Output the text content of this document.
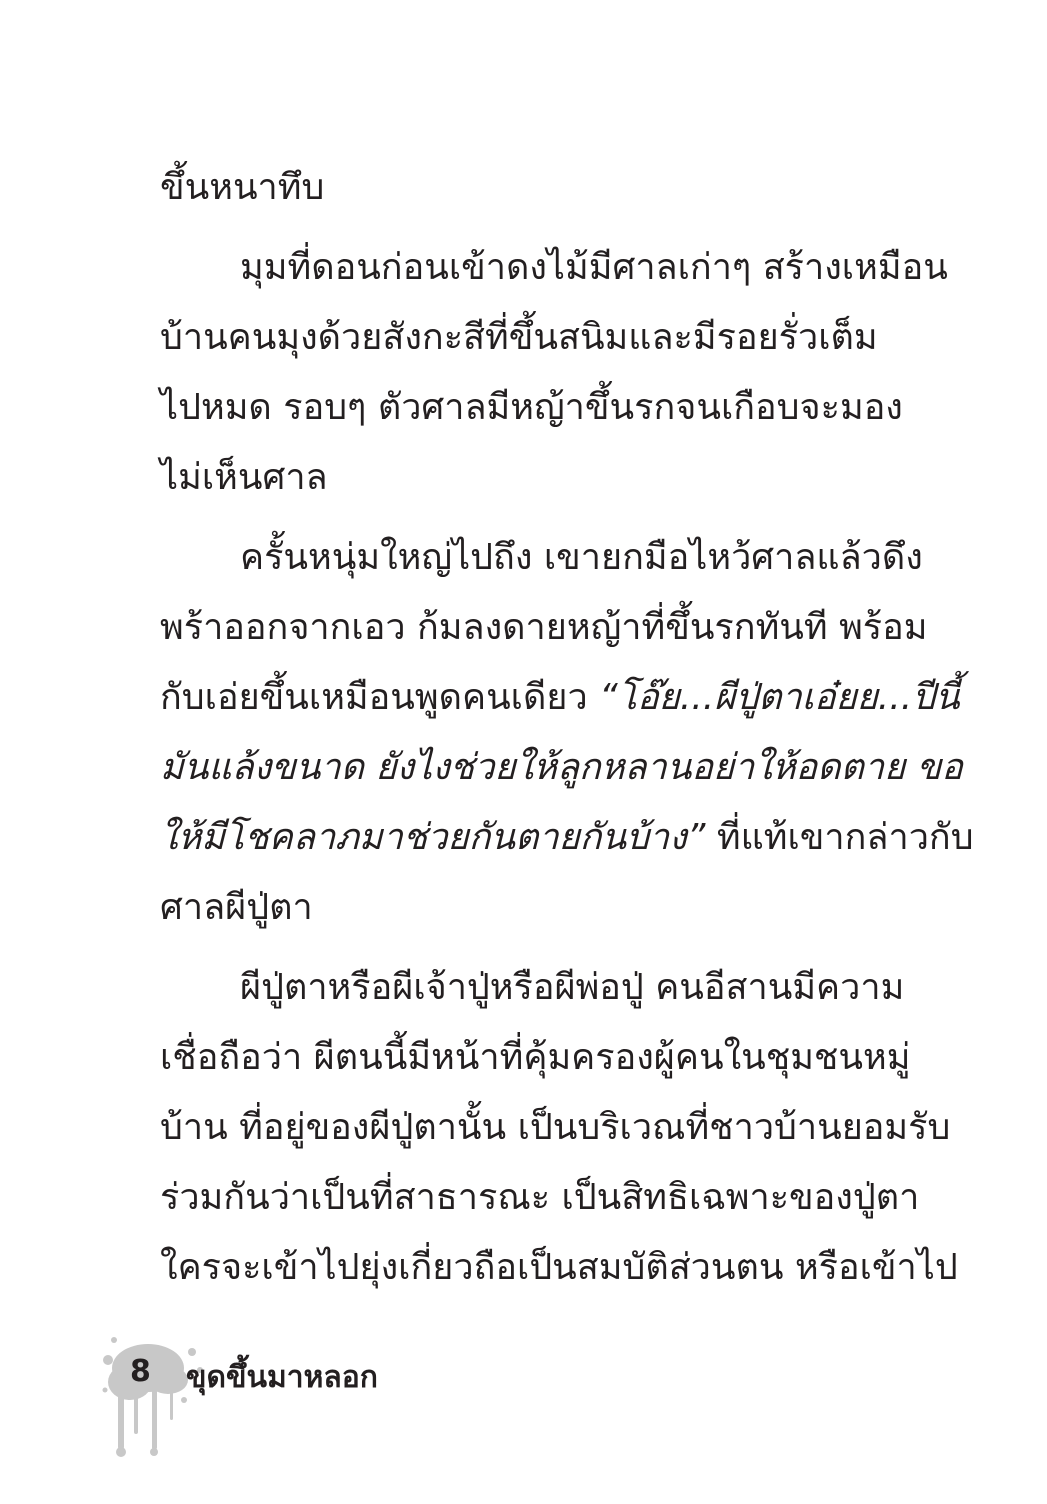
ขึ้นหนาทึบ
มุมที่ดอนก่อนเข้าดงไม้มีศาลเก่าๆ สร้างเหมือน
บ้านคนมุงด้วยสังกะสีที่ขึ้นสนิมและมีรอยรั่วเต็ม
ไปหมด รอบๆ ตัวศาลมีหญ้าขึ้นรกจนเกือบจะมอง
ไม่เห็นศาล
ครั้นหนุ่มใหญ่ไปถึง เขายกมือไหว้ศาลแล้วดึง
พร้าออกจากเอว ก้มลงดายหญ้าที่ขึ้นรกทันที พร้อม
กับเอ่ยขึ้นเหมือนพูดคนเดียว “โอ๊ย...ผีปู่ตาเอ๋ยย...ปีนี้
มันแล้งขนาด ยังไงช่วยให้ลูกหลานอย่าให้อดตาย ขอ
ให้มีโชคลาภมาช่วยกันตายกันบ้าง” ที่แท้เขากล่าวกับ
ศาลผีปู่ตา
ผีปู่ตาหรือผีเจ้าปู่หรือผีพ่อปู่ คนอีสานมีความ
เชื่อถือว่า ผีตนนี้มีหน้าที่คุ้มครองผู้คนในชุมชนหมู่
บ้าน ที่อยู่ของผีปู่ตานั้น เป็นบริเวณที่ชาวบ้านยอมรับ
ร่วมกันว่าเป็นที่สาธารณะ เป็นสิทธิเฉพาะของปู่ตา
ใครจะเข้าไปยุ่งเกี่ยวถือเป็นสมบัติส่วนตน หรือเข้าไป
8 ขุดขึ้นมาหลอก
